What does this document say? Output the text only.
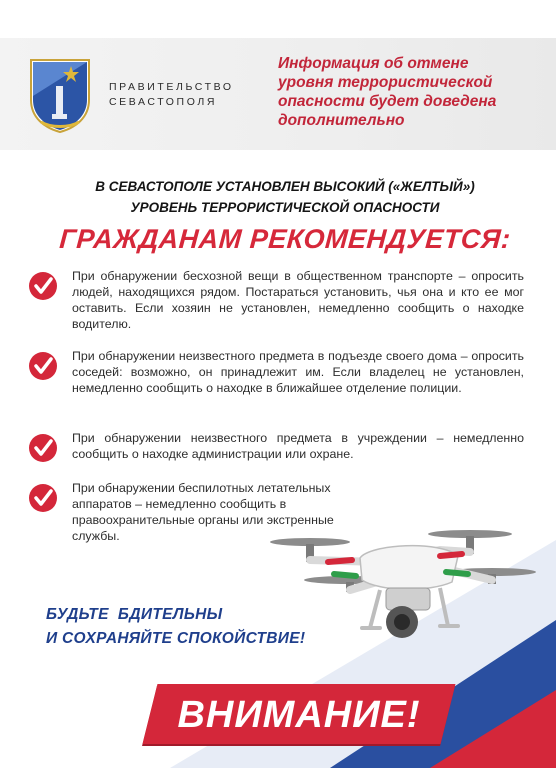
ПРАВИТЕЛЬСТВО
СЕВАСТОПОЛЯ
Информация об отмене уровня террористической опасности будет доведена дополнительно
В СЕВАСТОПОЛЕ УСТАНОВЛЕН ВЫСОКИЙ («ЖЕЛТЫЙ»)
УРОВЕНЬ ТЕРРОРИСТИЧЕСКОЙ ОПАСНОСТИ
ГРАЖДАНАМ РЕКОМЕНДУЕТСЯ:
При обнаружении бесхозной вещи в общественном транспорте – опросить людей, находящихся рядом. Постараться установить, чья она и кто ее мог оставить. Если хозяин не установлен, немедленно сообщить о находке водителю.
При обнаружении неизвестного предмета в подъезде своего дома – опросить соседей: возможно, он принадлежит им. Если владелец не установлен, немедленно сообщить о находке в ближайшее отделение полиции.
При обнаружении неизвестного предмета в учреждении – немедленно сообщить о находке администрации или охране.
При обнаружении беспилотных летательных аппаратов – немедленно сообщить в правоохранительные органы или экстренные службы.
БУДЬТЕ  БДИТЕЛЬНЫ
И СОХРАНЯЙТЕ СПОКОЙСТВИЕ!
ВНИМАНИЕ!
